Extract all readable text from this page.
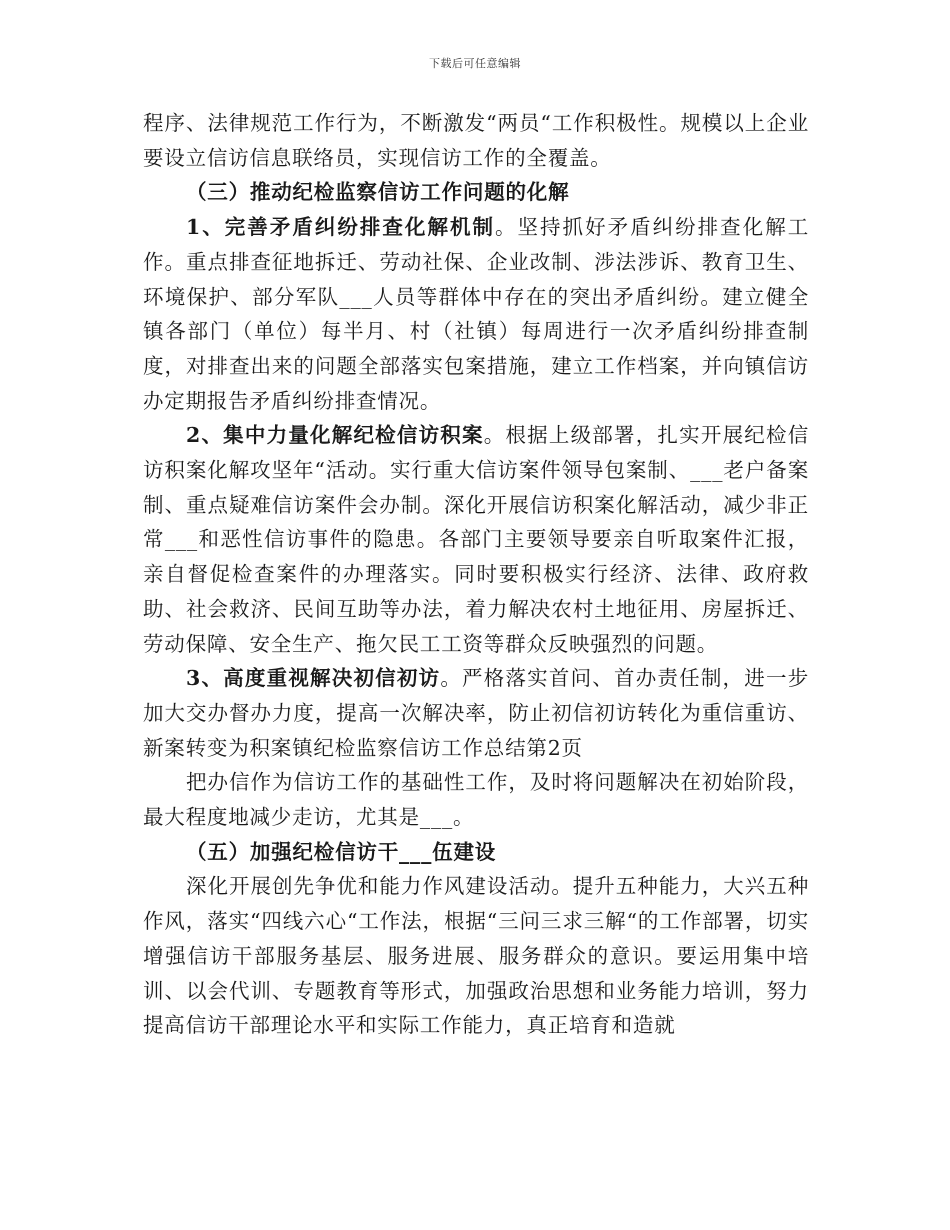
下载后可任意编辑

程序、法律规范工作行为，不断激发“两员“工作积极性。规模以上企业要设立信访信息联络员，实现信访工作的全覆盖。

（三）推动纪检监察信访工作问题的化解

1、完善矛盾纠纷排查化解机制。坚持抓好矛盾纠纷排查化解工作。重点排查征地拆迁、劳动社保、企业改制、涉法涉诉、教育卫生、环境保护、部分军队___人员等群体中存在的突出矛盾纠纷。建立健全镇各部门（单位）每半月、村（社镇）每周进行一次矛盾纠纷排查制度，对排查出来的问题全部落实包案措施，建立工作档案，并向镇信访办定期报告矛盾纠纷排查情况。

2、集中力量化解纪检信访积案。根据上级部署，扎实开展纪检信访积案化解攻坚年“活动。实行重大信访案件领导包案制、___老户备案制、重点疑难信访案件会办制。深化开展信访积案化解活动，减少非正常___和恶性信访事件的隐患。各部门主要领导要亲自听取案件汇报，亲自督促检查案件的办理落实。同时要积极实行经济、法律、政府救助、社会救济、民间互助等办法，着力解决农村土地征用、房屋拆迁、劳动保障、安全生产、拖欠民工工资等群众反映强烈的问题。

3、高度重视解决初信初访。严格落实首问、首办责任制，进一步加大交办督办力度，提高一次解决率，防止初信初访转化为重信重访、新案转变为积案镇纪检监察信访工作总结第2页

把办信作为信访工作的基础性工作，及时将问题解决在初始阶段，最大程度地减少走访，尤其是___。

（五）加强纪检信访干___伍建设

深化开展创先争优和能力作风建设活动。提升五种能力，大兴五种作风，落实“四线六心“工作法，根据“三问三求三解“的工作部署，切实增强信访干部服务基层、服务进展、服务群众的意识。要运用集中培训、以会代训、专题教育等形式，加强政治思想和业务能力培训，努力提高信访干部理论水平和实际工作能力，真正培育和造就
